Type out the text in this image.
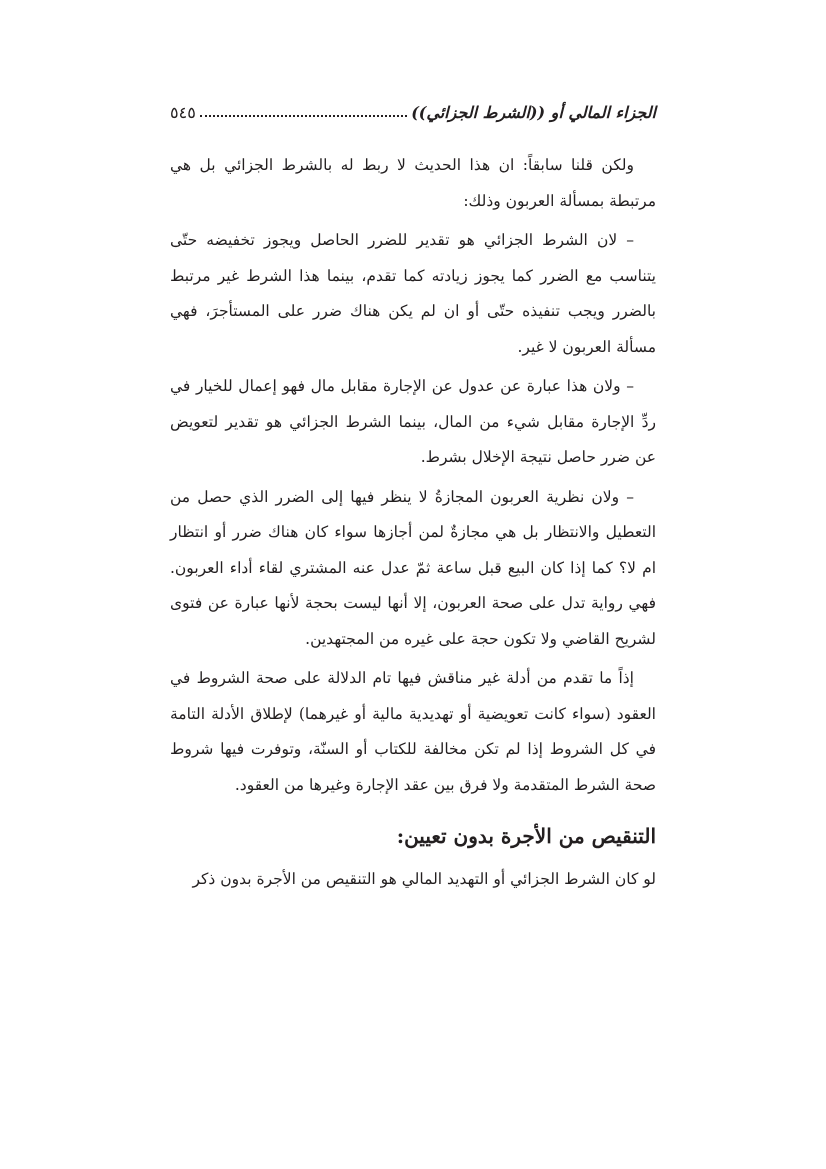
الجزاء المالي أو ((الشرط الجزائي))
٥٤٥

ولكن قلنا سابقاً: ان هذا الحديث لا ربط له بالشرط الجزائي بل هي مرتبطة بمسألة العربون وذلك:

– لان الشرط الجزائي هو تقدير للضرر الحاصل ويجوز تخفيضه حتّى يتناسب مع الضرر كما يجوز زيادته كما تقدم، بينما هذا الشرط غير مرتبط بالضرر ويجب تنفيذه حتّى أو ان لم يكن هناك ضرر على المستأجرَ، فهي مسألة العربون لا غير.

– ولان هذا عبارة عن عدول عن الإجارة مقابل مال فهو إعمال للخيار في ردِّ الإجارة مقابل شيء من المال، بينما الشرط الجزائي هو تقدير لتعويض عن ضرر حاصل نتيجة الإخلال بشرط.

– ولان نظرية العربون المجازةُ لا ينظر فيها إلى الضرر الذي حصل من التعطيل والانتظار بل هي مجازةٌ لمن أجازها سواء كان هناك ضرر أو انتظار ام لا؟ كما إذا كان البيع قبل ساعة ثمّ عدل عنه المشتري لقاء أداء العربون. فهي رواية تدل على صحة العربون، إلا أنها ليست بحجة لأنها عبارة عن فتوى لشريح القاضي ولا تكون حجة على غيره من المجتهدين.

إذاً ما تقدم من أدلة غير مناقش فيها تام الدلالة على صحة الشروط في العقود (سواء كانت تعويضية أو تهديدية مالية أو غيرهما) لإطلاق الأدلة التامة في كل الشروط إذا لم تكن مخالفة للكتاب أو السنّة، وتوفرت فيها شروط صحة الشرط المتقدمة ولا فرق بين عقد الإجارة وغيرها من العقود.

التنقيص من الأجرة بدون تعيين:
لو كان الشرط الجزائي أو التهديد المالي هو التنقيص من الأجرة بدون ذكر
